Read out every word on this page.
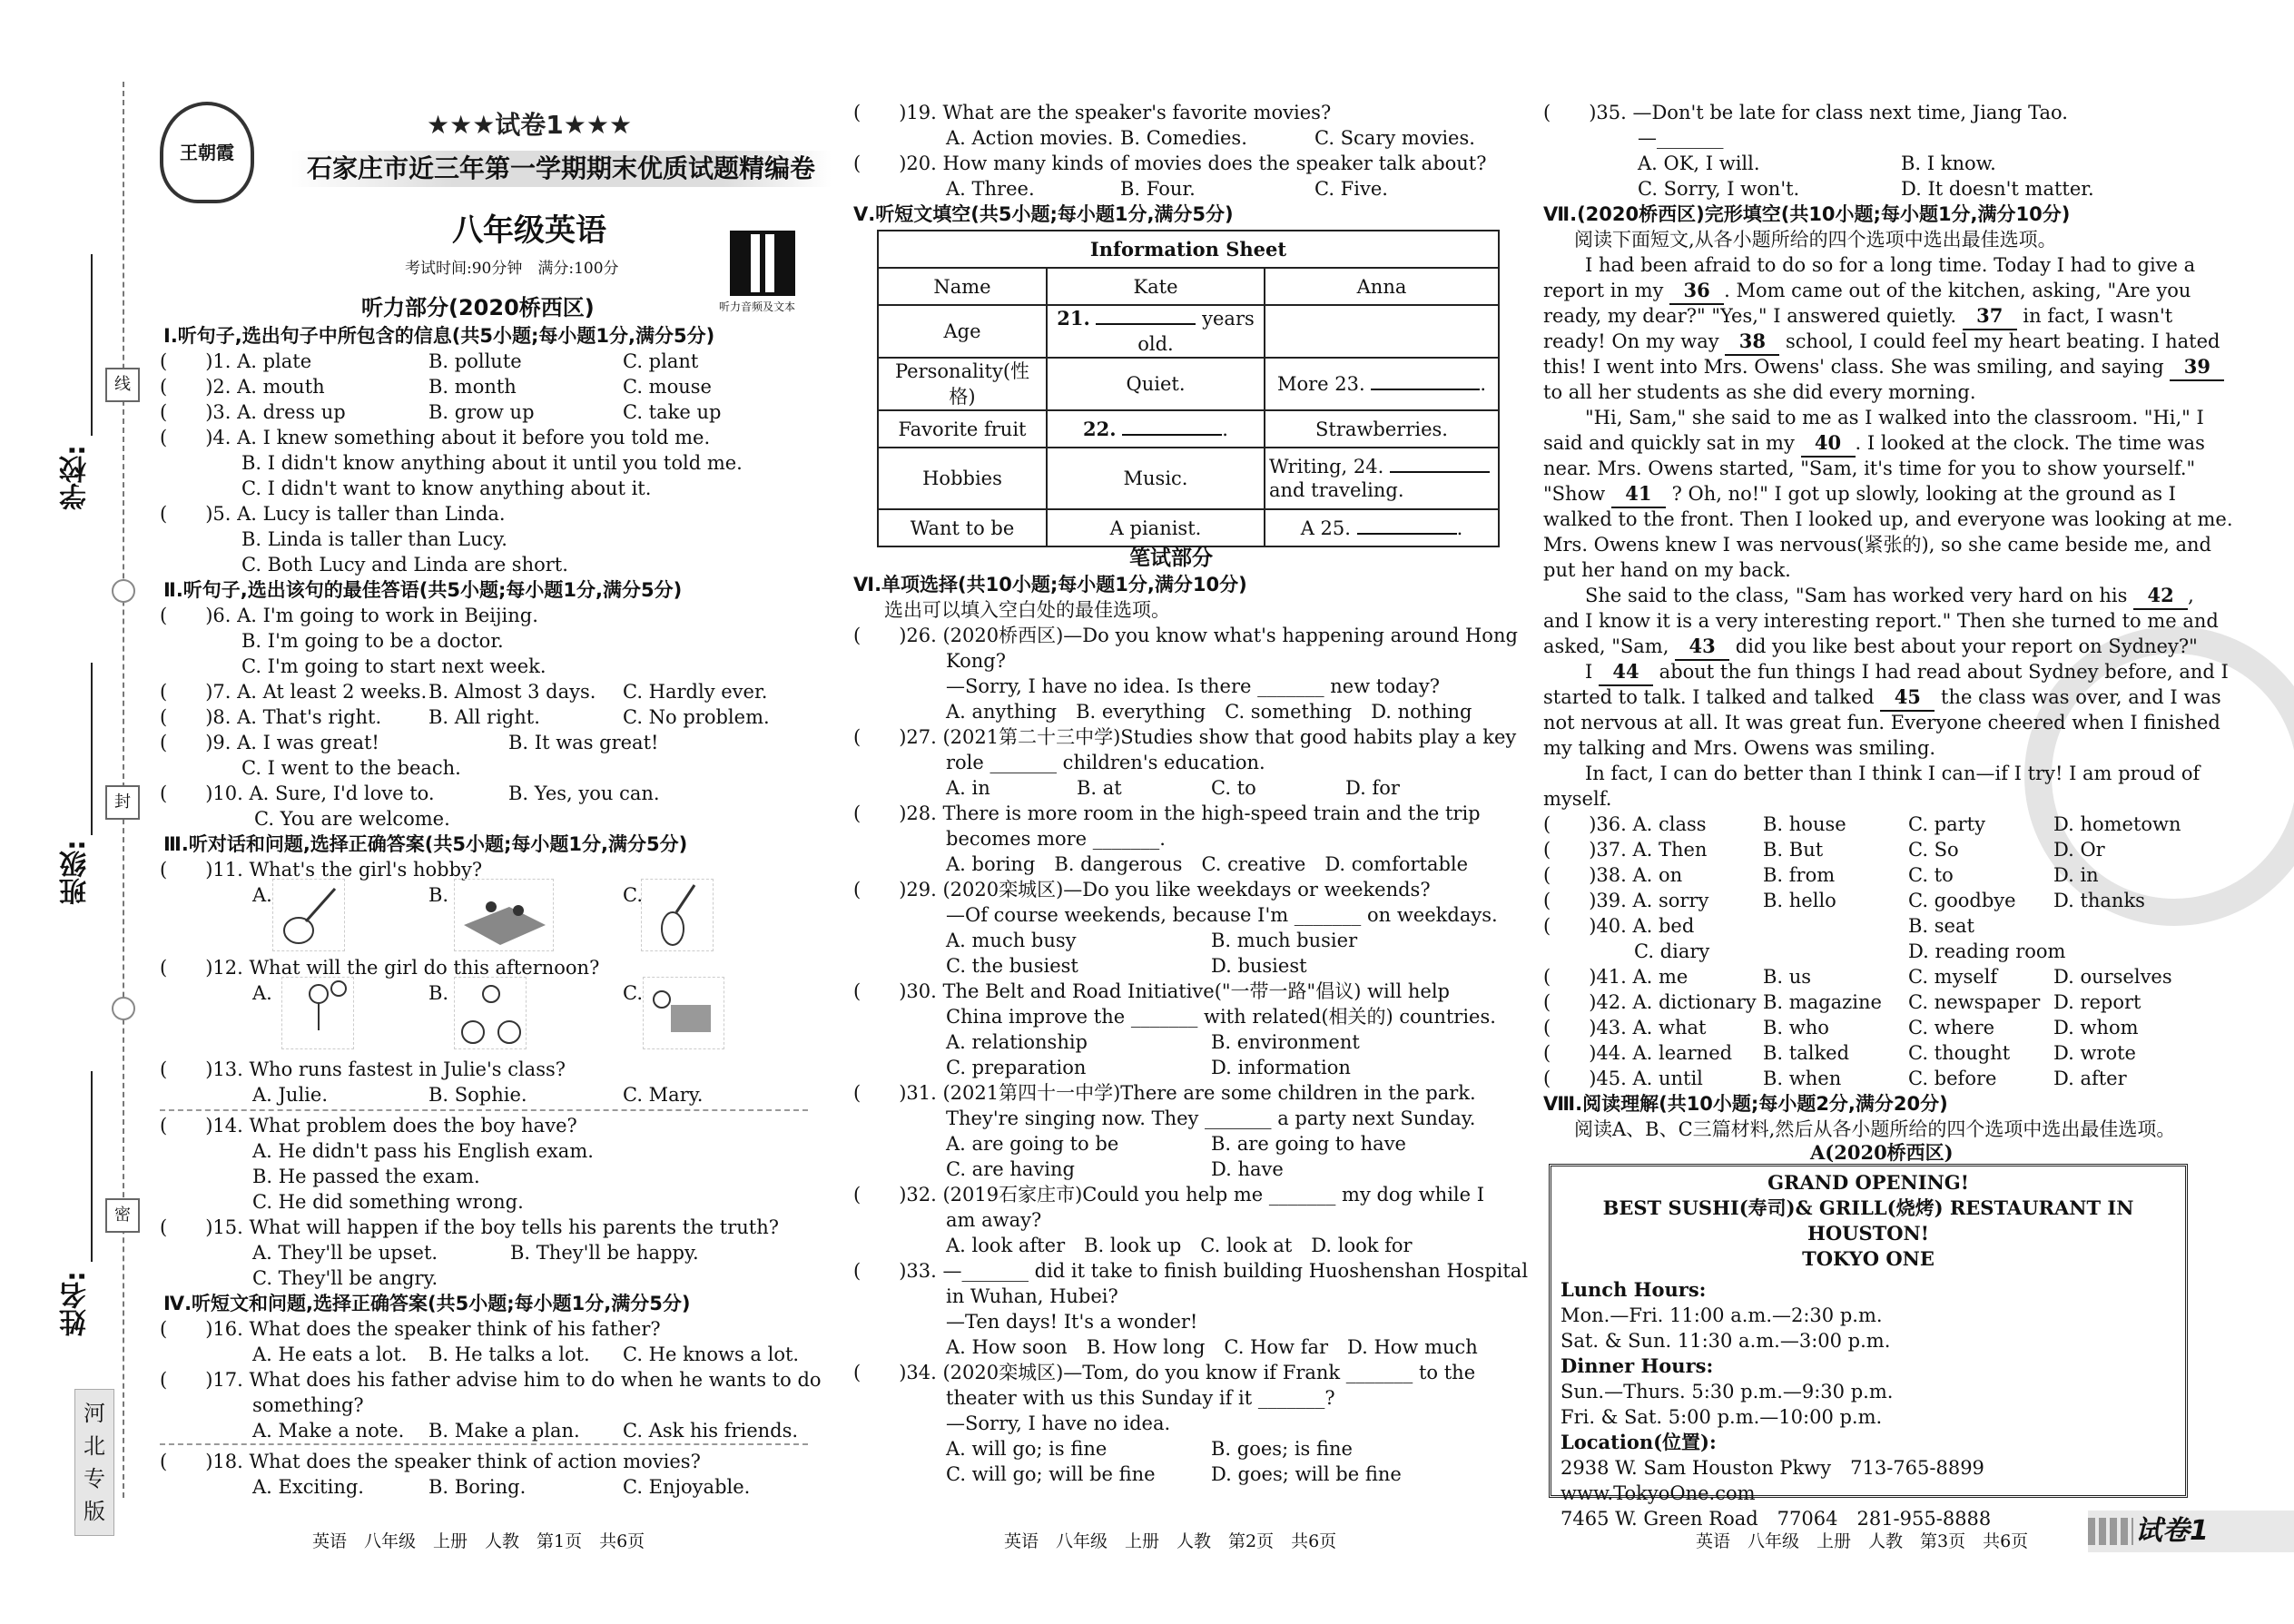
学校:
班级:
姓名:
线
封
密
河北专版
王朝霞
★★★试卷1★★★
石家庄市近三年第一学期期末优质试题精编卷
八年级英语
考试时间:90分钟　满分:100分
听力音频及文本
听力部分(2020桥西区)
Ⅰ.听句子,选出句子中所包含的信息(共5小题;每小题1分,满分5分)
(　　)1. A. plate	B. pollute	C. plant
(　　)2. A. mouth	B. month	C. mouse
(　　)3. A. dress up	B. grow up	C. take up
(　　)4. A. I knew something about it before you told me.
B. I didn't know anything about it until you told me.
C. I didn't want to know anything about it.
(　　)5. A. Lucy is taller than Linda.
B. Linda is taller than Lucy.
C. Both Lucy and Linda are short.
Ⅱ.听句子,选出该句的最佳答语(共5小题;每小题1分,满分5分)
(　　)6. A. I'm going to work in Beijing.
B. I'm going to be a doctor.
C. I'm going to start next week.
(　　)7. A. At least 2 weeks. B. Almost 3 days. C. Hardly ever.
(　　)8. A. That's right. B. All right.	C. No problem.
(　　)9. A. I was great!	B. It was great!
C. I went to the beach.
(　　)10. A. Sure, I'd love to.	B. Yes, you can.
C. You are welcome.
Ⅲ.听对话和问题,选择正确答案(共5小题;每小题1分,满分5分)
(　　)11. What's the girl's hobby?
A.	B.	C.
(　　)12. What will the girl do this afternoon?
A.	B.	C.
(　　)13. Who runs fastest in Julie's class?
A. Julie.	B. Sophie.	C. Mary.
(　　)14. What problem does the boy have?
A. He didn't pass his English exam.
B. He passed the exam.
C. He did something wrong.
(　　)15. What will happen if the boy tells his parents the truth?
A. They'll be upset.	B. They'll be happy.
C. They'll be angry.
Ⅳ.听短文和问题,选择正确答案(共5小题;每小题1分,满分5分)
(　　)16. What does the speaker think of his father?
A. He eats a lot. B. He talks a lot. C. He knows a lot.
(　　)17. What does his father advise him to do when he wants to do
something?
A. Make a note. B. Make a plan. C. Ask his friends.
(　　)18. What does the speaker think of action movies?
A. Exciting.	B. Boring.	C. Enjoyable.
(　　)19. What are the speaker's favorite movies?
A. Action movies. B. Comedies.	C. Scary movies.
(　　)20. How many kinds of movies does the speaker talk about?
A. Three.	B. Four.	C. Five.
Ⅴ.听短文填空(共5小题;每小题1分,满分5分)
Information Sheet		
Name	Kate	Anna
Age	21. years old.	
Personality(性格)	Quiet.	More 23. .
Favorite fruit	22. .	Strawberries.
Hobbies	Music.	Writing, 24.
and traveling.
Want to be	A pianist.	A 25. .
笔试部分
Ⅵ.单项选择(共10小题;每小题1分,满分10分)
选出可以填入空白处的最佳选项。
(　　)26. (2020桥西区)—Do you know what's happening around Hong
Kong?
—Sorry, I have no idea. Is there _______ new today?
A. anything　B. everything　C. something　D. nothing
(　　)27. (2021第二十三中学)Studies show that good habits play a key
role _______ children's education.
A. in	B. at	C. to	D. for
(　　)28. There is more room in the high-speed train and the trip
becomes more _______.
A. boring　B. dangerous　C. creative　D. comfortable
(　　)29. (2020栾城区)—Do you like weekdays or weekends?
—Of course weekends, because I'm _______ on weekdays.
A. much busy	B. much busier
C. the busiest	D. busiest
(　　)30. The Belt and Road Initiative("一带一路"倡议) will help
China improve the _______ with related(相关的) countries.
A. relationship	B. environment
C. preparation	D. information
(　　)31. (2021第四十一中学)There are some children in the park.
They're singing now. They _______ a party next Sunday.
A. are going to be	B. are going to have
C. are having	D. have
(　　)32. (2019石家庄市)Could you help me _______ my dog while I
am away?
A. look after　B. look up　C. look at　D. look for
(　　)33. —_______ did it take to finish building Huoshenshan Hospital
in Wuhan, Hubei?
—Ten days! It's a wonder!
A. How soon　B. How long　C. How far　D. How much
(　　)34. (2020栾城区)—Tom, do you know if Frank _______ to the
theater with us this Sunday if it _______?
—Sorry, I have no idea.
A. will go; is fine	B. goes; is fine
C. will go; will be fine	D. goes; will be fine
(　　)35. —Don't be late for class next time, Jiang Tao.
—_______
A. OK, I will.	B. I know.
C. Sorry, I won't.	D. It doesn't matter.
Ⅶ.(2020桥西区)完形填空(共10小题;每小题1分,满分10分)
阅读下面短文,从各小题所给的四个选项中选出最佳选项。
I had been afraid to do so for a long time. Today I had to give a
report in my 36 . Mom came out of the kitchen, asking, "Are you
ready, my dear?" "Yes," I answered quietly. 37 in fact, I wasn't
ready! On my way 38 school, I could feel my heart beating. I hated
this! I went into Mrs. Owens' class. She was smiling, and saying 39
to all her students as she did every morning.
"Hi, Sam," she said to me as I walked into the classroom. "Hi," I
said and quickly sat in my 40 . I looked at the clock. The time was
near. Mrs. Owens started, "Sam, it's time for you to show yourself."
"Show 41 ? Oh, no!" I got up slowly, looking at the ground as I
walked to the front. Then I looked up, and everyone was looking at me.
Mrs. Owens knew I was nervous(紧张的), so she came beside me, and
put her hand on my back.
She said to the class, "Sam has worked very hard on his 42 ,
and I know it is a very interesting report." Then she turned to me and
asked, "Sam, 43 did you like best about your report on Sydney?"
I 44 about the fun things I had read about Sydney before, and I
started to talk. I talked and talked 45 the class was over, and I was
not nervous at all. It was great fun. Everyone cheered when I finished
my talking and Mrs. Owens was smiling.
In fact, I can do better than I think I can—if I try! I am proud of
myself.
(　　)36. A. class	B. house	C. party	D. hometown
(　　)37. A. Then	B. But	C. So	D. Or
(　　)38. A. on	B. from	C. to	D. in
(　　)39. A. sorry	B. hello	C. goodbye D. thanks
(　　)40. A. bed	B. seat
C. diary	D. reading room
(　　)41. A. me	B. us	C. myself	D. ourselves
(　　)42. A. dictionary B. magazine C. newspaper D. report
(　　)43. A. what	B. who	C. where	D. whom
(　　)44. A. learned B. talked	C. thought D. wrote
(　　)45. A. until	B. when	C. before	D. after
Ⅷ.阅读理解(共10小题;每小题2分,满分20分)
阅读A、B、C三篇材料,然后从各小题所给的四个选项中选出最佳选项。
A(2020桥西区)
GRAND OPENING!
BEST SUSHI(寿司)& GRILL(烧烤) RESTAURANT IN HOUSTON!
TOKYO ONE
Lunch Hours:
Mon.—Fri. 11:00 a.m.—2:30 p.m.
Sat. & Sun. 11:30 a.m.—3:00 p.m.
Dinner Hours:
Sun.—Thurs. 5:30 p.m.—9:30 p.m.
Fri. & Sat. 5:00 p.m.—10:00 p.m.
Location(位置):
2938 W. Sam Houston Pkwy　713-765-8899
www.TokyoOne.com
7465 W. Green Road　77064　281-955-8888
英语　八年级　上册　人教　第1页　共6页	英语　八年级　上册　人教　第2页　共6页	英语　八年级　上册　人教　第3页　共6页	试卷1
